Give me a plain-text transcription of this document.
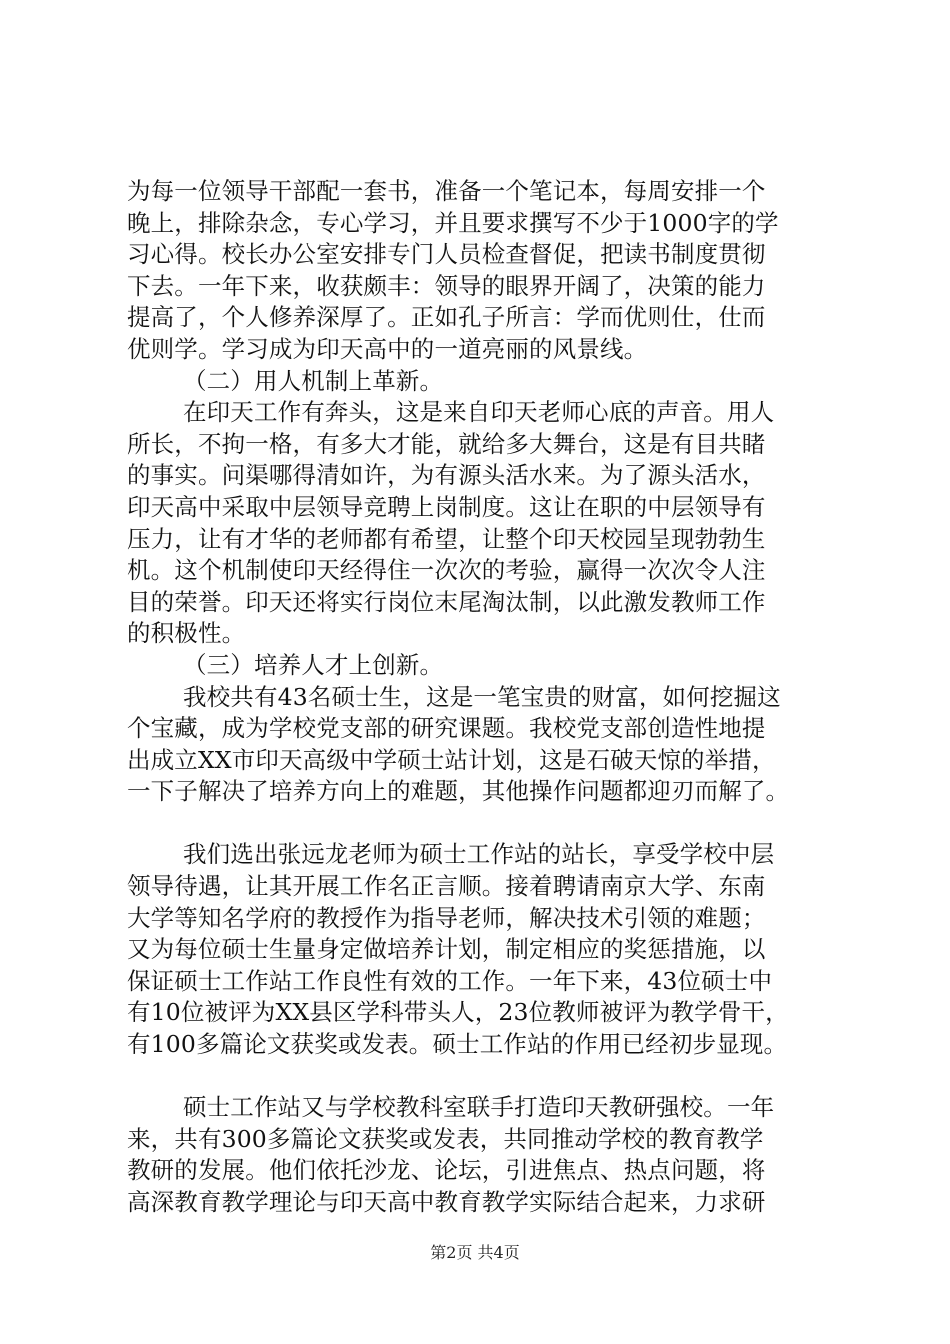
为每一位领导干部配一套书，准备一个笔记本，每周安排一个
晚上，排除杂念，专心学习，并且要求撰写不少于1000字的学
习心得。校长办公室安排专门人员检查督促，把读书制度贯彻
下去。一年下来，收获颇丰：领导的眼界开阔了，决策的能力
提高了，个人修养深厚了。正如孔子所言：学而优则仕，仕而
优则学。学习成为印天高中的一道亮丽的风景线。
（二）用人机制上革新。
在印天工作有奔头，这是来自印天老师心底的声音。用人
所长，不拘一格，有多大才能，就给多大舞台，这是有目共睹
的事实。问渠哪得清如许，为有源头活水来。为了源头活水，
印天高中采取中层领导竞聘上岗制度。这让在职的中层领导有
压力，让有才华的老师都有希望，让整个印天校园呈现勃勃生
机。这个机制使印天经得住一次次的考验，赢得一次次令人注
目的荣誉。印天还将实行岗位末尾淘汰制，以此激发教师工作
的积极性。
（三）培养人才上创新。
我校共有43名硕士生，这是一笔宝贵的财富，如何挖掘这
个宝藏，成为学校党支部的研究课题。我校党支部创造性地提
出成立XX市印天高级中学硕士站计划，这是石破天惊的举措，
一下子解决了培养方向上的难题，其他操作问题都迎刃而解了。
我们选出张远龙老师为硕士工作站的站长，享受学校中层
领导待遇，让其开展工作名正言顺。接着聘请南京大学、东南
大学等知名学府的教授作为指导老师，解决技术引领的难题；
又为每位硕士生量身定做培养计划，制定相应的奖惩措施，以
保证硕士工作站工作良性有效的工作。一年下来，43位硕士中
有10位被评为XX县区学科带头人，23位教师被评为教学骨干，
有100多篇论文获奖或发表。硕士工作站的作用已经初步显现。
硕士工作站又与学校教科室联手打造印天教研强校。一年
来，共有300多篇论文获奖或发表，共同推动学校的教育教学
教研的发展。他们依托沙龙、论坛，引进焦点、热点问题，将
高深教育教学理论与印天高中教育教学实际结合起来，力求研
第2页 共4页
